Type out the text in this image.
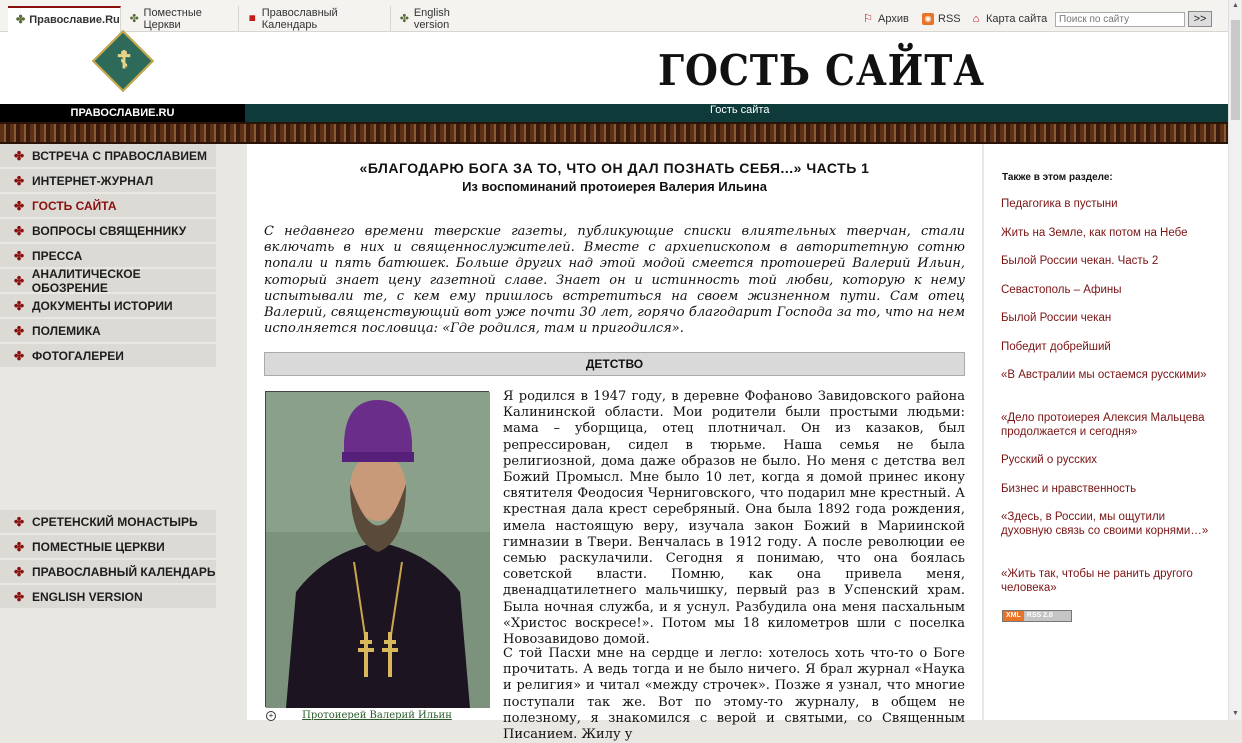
✤ Православие.Ru ✤ Поместные Церкви
▦ Православный Календарь	✤ English version	⚐ Архив	◉ RSS ⌂ Карта сайта
Поиск по сайту	>>
☦	ГОСТЬ САЙТА
ПРАВОСЛАВИЕ.RU	Гость сайта
✤ ВСТРЕЧА С ПРАВОСЛАВИЕМ
✤ ИНТЕРНЕТ-ЖУРНАЛ
✤ ГОСТЬ САЙТА
✤ ВОПРОСЫ СВЯЩЕННИКУ
✤ ПРЕССА
✤ АНАЛИТИЧЕСКОЕ ОБОЗРЕНИЕ
✤ ДОКУМЕНТЫ ИСТОРИИ
✤ ПОЛЕМИКА
✤ ФОТОГАЛЕРЕИ
✤ СРЕТЕНСКИЙ МОНАСТЫРЬ
✤ ПОМЕСТНЫЕ ЦЕРКВИ
✤ ПРАВОСЛАВНЫЙ КАЛЕНДАРЬ
✤ ENGLISH VERSION
«БЛАГОДАРЮ БОГА ЗА ТО, ЧТО ОН ДАЛ ПОЗНАТЬ СЕБЯ...» ЧАСТЬ 1
Из воспоминаний протоиерея Валерия Ильина
С недавнего времени тверские газеты, публикующие списки влиятельных тверчан, стали включать в них и священнослужителей. Вместе с архиепископом в авторитетную сотню попали и пять батюшек. Больше других над этой модой смеется протоиерей Валерий Ильин, который знает цену газетной славе. Знает он и истинность той любви, которую к нему испытывали те, с кем ему пришлось встретиться на своем жизненном пути. Сам отец Валерий, священствующий вот уже почти 30 лет, горячо благодарит Господа за то, что на нем исполняется пословица: «Где родился, там и пригодился».
ДЕТСТВО
+	Протоиерей Валерий Ильин
Я родился в 1947 году, в деревне Фофаново Завидовского района Калининской области. Мои родители были простыми людьми: мама – уборщица, отец плотничал. Он из казаков, был репрессирован, сидел в тюрьме. Наша семья не была религиозной, дома даже образов не было. Но меня с детства вел Божий Промысл. Мне было 10 лет, когда я домой принес икону святителя Феодосия Черниговского, что подарил мне крестный. А крестная дала крест серебряный. Она была 1892 года рождения, имела настоящую веру, изучала закон Божий в Мариинской гимназии в Твери. Венчалась в 1912 году. А после революции ее семью раскулачили. Сегодня я понимаю, что она боялась советской власти. Помню, как она привела меня, двенадцатилетнего мальчишку, первый раз в Успенский храм. Была ночная служба, и я уснул. Разбудила она меня пасхальным «Христос воскресе!». Потом мы 18 километров шли с поселка Новозавидово домой.
С той Пасхи мне на сердце и легло: хотелось хоть что-то о Боге прочитать. А ведь тогда и не было ничего. Я брал журнал «Наука и религия» и читал «между строчек». Позже я узнал, что многие поступали так же. Вот по этому-то журналу, в общем не полезному, я знакомился с верой и святыми, со Священным Писанием. Жилу у
Также в этом разделе:
Педагогика в пустыни
Жить на Земле, как потом на Небе
Былой России чекан. Часть 2
Севастополь – Афины
Былой России чекан
Победит добрейший
«В Австралии мы остаемся русскими»
«Дело протоиерея Алексия Мальцева продолжается и сегодня»
Русский о русских
Бизнес и нравственность
«Здесь, в России, мы ощутили духовную связь со своими корнями…»
«Жить так, чтобы не ранить другого человека»
XML RSS 2.0
▲
▼
